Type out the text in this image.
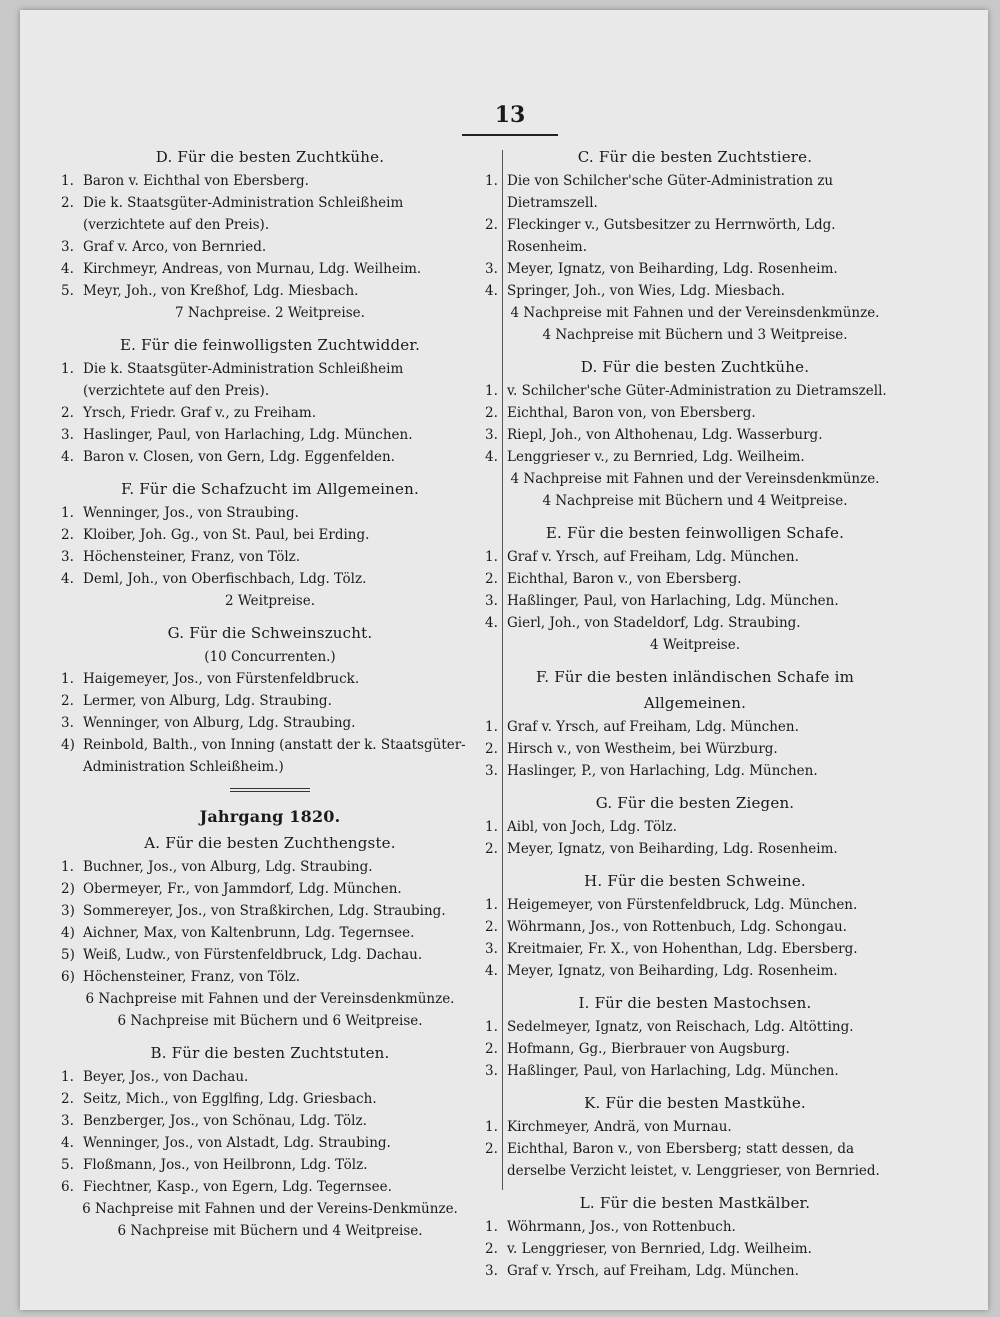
13

D. Für die besten Zuchtkühe.

1. Baron v. Eichthal von Ebersberg.

2. Die k. Staatsgüter-Administration Schleißheim (verzichtete auf den Preis).

3. Graf v. Arco, von Bernried.

4. Kirchmeyr, Andreas, von Murnau, Ldg. Weilheim.

5. Meyr, Joh., von Kreßhof, Ldg. Miesbach.

7 Nachpreise. 2 Weitpreise.

E. Für die feinwolligsten Zuchtwidder.

1. Die k. Staatsgüter-Administration Schleißheim (verzichtete auf den Preis).

2. Yrsch, Friedr. Graf v., zu Freiham.

3. Haslinger, Paul, von Harlaching, Ldg. München.

4. Baron v. Closen, von Gern, Ldg. Eggenfelden.

F. Für die Schafzucht im Allgemeinen.

1. Wenninger, Jos., von Straubing.

2. Kloiber, Joh. Gg., von St. Paul, bei Erding.

3. Höchensteiner, Franz, von Tölz.

4. Deml, Joh., von Oberfischbach, Ldg. Tölz.

2 Weitpreise.

G. Für die Schweinszucht.

(10 Concurrenten.)

1. Haigemeyer, Jos., von Fürstenfeldbruck.

2. Lermer, von Alburg, Ldg. Straubing.

3. Wenninger, von Alburg, Ldg. Straubing.

4) Reinbold, Balth., von Inning (anstatt der k. Staatsgüter-Administration Schleißheim.)

Jahrgang 1820.

A. Für die besten Zuchthengste.

1. Buchner, Jos., von Alburg, Ldg. Straubing.

2) Obermeyer, Fr., von Jammdorf, Ldg. München.

3) Sommereyer, Jos., von Straßkirchen, Ldg. Straubing.

4) Aichner, Max, von Kaltenbrunn, Ldg. Tegernsee.

5) Weiß, Ludw., von Fürstenfeldbruck, Ldg. Dachau.

6) Höchensteiner, Franz, von Tölz.

6 Nachpreise mit Fahnen und der Vereinsdenkmünze.

6 Nachpreise mit Büchern und 6 Weitpreise.

B. Für die besten Zuchtstuten.

1. Beyer, Jos., von Dachau.

2. Seitz, Mich., von Egglfing, Ldg. Griesbach.

3. Benzberger, Jos., von Schönau, Ldg. Tölz.

4. Wenninger, Jos., von Alstadt, Ldg. Straubing.

5. Floßmann, Jos., von Heilbronn, Ldg. Tölz.

6. Fiechtner, Kasp., von Egern, Ldg. Tegernsee.

6 Nachpreise mit Fahnen und der Vereins-Denkmünze.

6 Nachpreise mit Büchern und 4 Weitpreise.

C. Für die besten Zuchtstiere.

1. Die von Schilcher'sche Güter-Administration zu Dietramszell.

2. Fleckinger v., Gutsbesitzer zu Herrnwörth, Ldg. Rosenheim.

3. Meyer, Ignatz, von Beiharding, Ldg. Rosenheim.

4. Springer, Joh., von Wies, Ldg. Miesbach.

4 Nachpreise mit Fahnen und der Vereinsdenkmünze.

4 Nachpreise mit Büchern und 3 Weitpreise.

D. Für die besten Zuchtkühe.

1. v. Schilcher'sche Güter-Administration zu Dietramszell.

2. Eichthal, Baron von, von Ebersberg.

3. Riepl, Joh., von Althohenau, Ldg. Wasserburg.

4. Lenggrieser v., zu Bernried, Ldg. Weilheim.

4 Nachpreise mit Fahnen und der Vereinsdenkmünze.

4 Nachpreise mit Büchern und 4 Weitpreise.

E. Für die besten feinwolligen Schafe.

1. Graf v. Yrsch, auf Freiham, Ldg. München.

2. Eichthal, Baron v., von Ebersberg.

3. Haßlinger, Paul, von Harlaching, Ldg. München.

4. Gierl, Joh., von Stadeldorf, Ldg. Straubing.

4 Weitpreise.

F. Für die besten inländischen Schafe im Allgemeinen.

1. Graf v. Yrsch, auf Freiham, Ldg. München.

2. Hirsch v., von Westheim, bei Würzburg.

3. Haslinger, P., von Harlaching, Ldg. München.

G. Für die besten Ziegen.

1. Aibl, von Joch, Ldg. Tölz.

2. Meyer, Ignatz, von Beiharding, Ldg. Rosenheim.

H. Für die besten Schweine.

1. Heigemeyer, von Fürstenfeldbruck, Ldg. München.

2. Wöhrmann, Jos., von Rottenbuch, Ldg. Schongau.

3. Kreitmaier, Fr. X., von Hohenthan, Ldg. Ebersberg.

4. Meyer, Ignatz, von Beiharding, Ldg. Rosenheim.

I. Für die besten Mastochsen.

1. Sedelmeyer, Ignatz, von Reischach, Ldg. Altötting.

2. Hofmann, Gg., Bierbrauer von Augsburg.

3. Haßlinger, Paul, von Harlaching, Ldg. München.

K. Für die besten Mastkühe.

1. Kirchmeyer, Andrä, von Murnau.

2. Eichthal, Baron v., von Ebersberg; statt dessen, da derselbe Verzicht leistet, v. Lenggrieser, von Bernried.

L. Für die besten Mastkälber.

1. Wöhrmann, Jos., von Rottenbuch.

2. v. Lenggrieser, von Bernried, Ldg. Weilheim.

3. Graf v. Yrsch, auf Freiham, Ldg. München.
